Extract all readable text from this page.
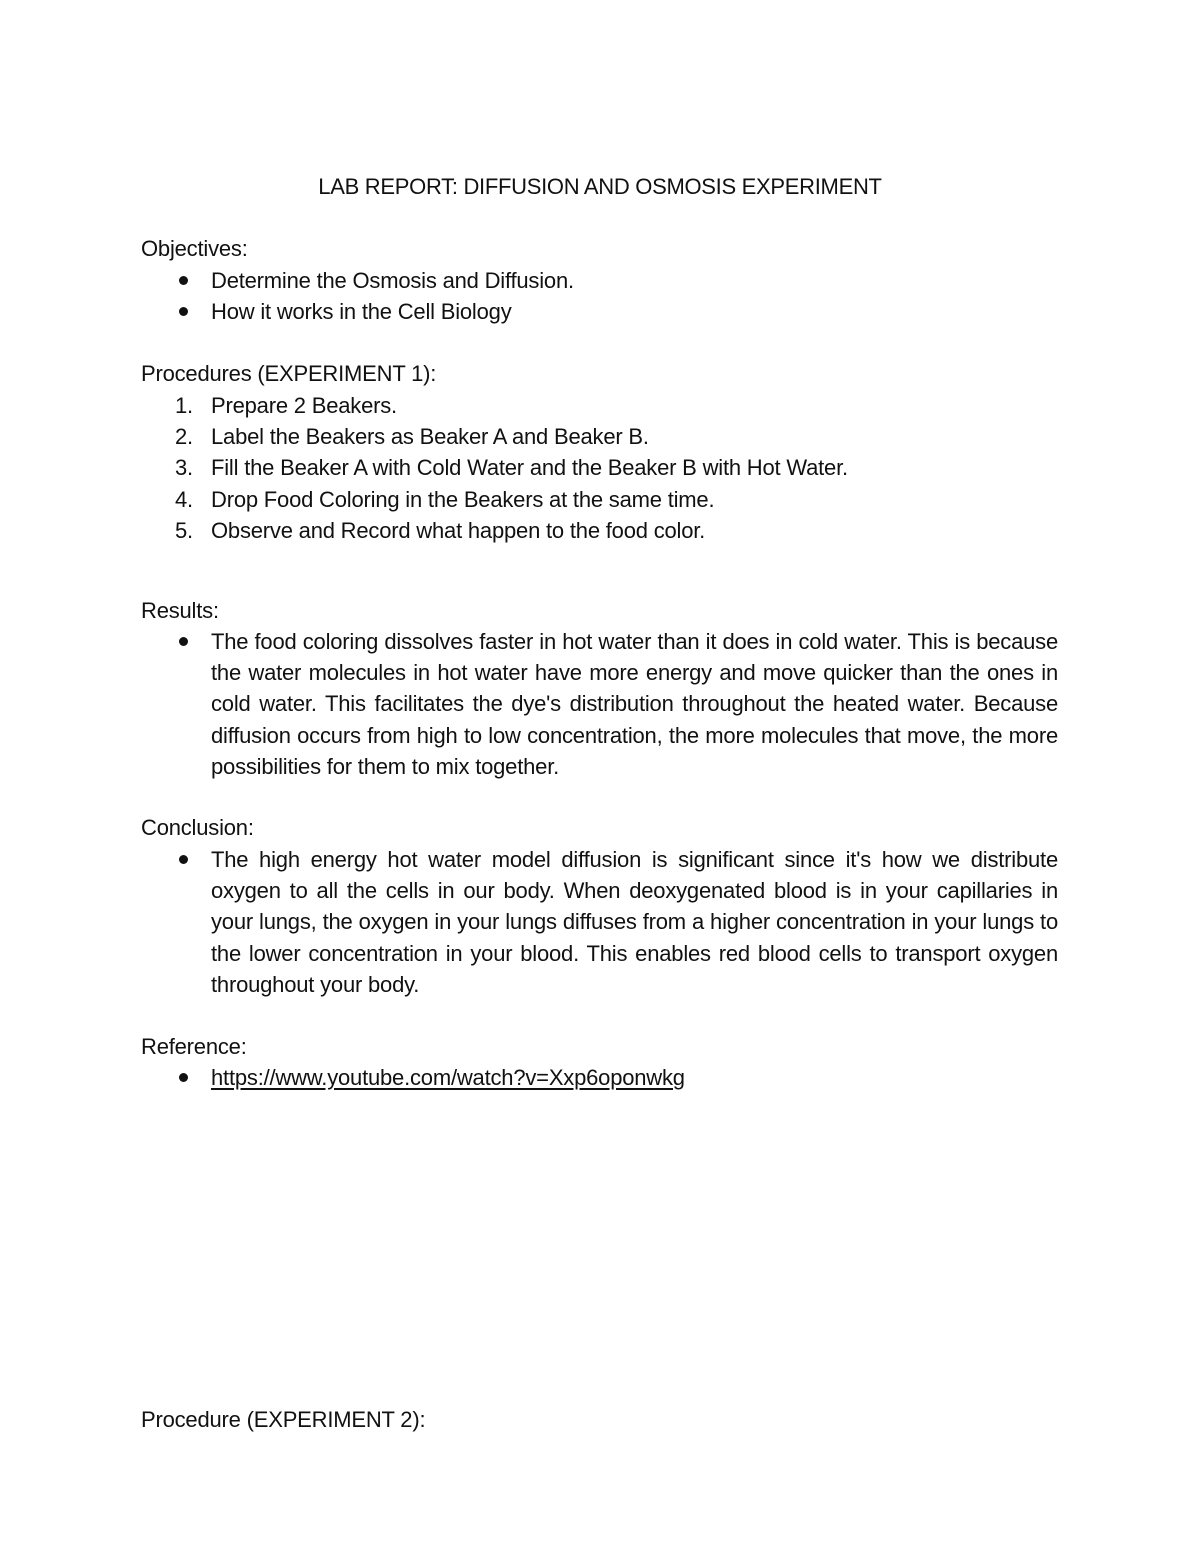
LAB REPORT: DIFFUSION AND OSMOSIS EXPERIMENT
Objectives:
Determine the Osmosis and Diffusion.
How it works in the Cell Biology
Procedures (EXPERIMENT 1):
1. Prepare 2 Beakers.
2. Label the Beakers as Beaker A and Beaker B.
3. Fill the Beaker A with Cold Water and the Beaker B with Hot Water.
4. Drop Food Coloring in the Beakers at the same time.
5. Observe and Record what happen to the food color.
Results:
The food coloring dissolves faster in hot water than it does in cold water. This is because the water molecules in hot water have more energy and move quicker than the ones in cold water. This facilitates the dye's distribution throughout the heated water. Because diffusion occurs from high to low concentration, the more molecules that move, the more possibilities for them to mix together.
Conclusion:
The high energy hot water model diffusion is significant since it's how we distribute oxygen to all the cells in our body. When deoxygenated blood is in your capillaries in your lungs, the oxygen in your lungs diffuses from a higher concentration in your lungs to the lower concentration in your blood. This enables red blood cells to transport oxygen throughout your body.
Reference:
https://www.youtube.com/watch?v=Xxp6oponwkg
Procedure (EXPERIMENT 2):
